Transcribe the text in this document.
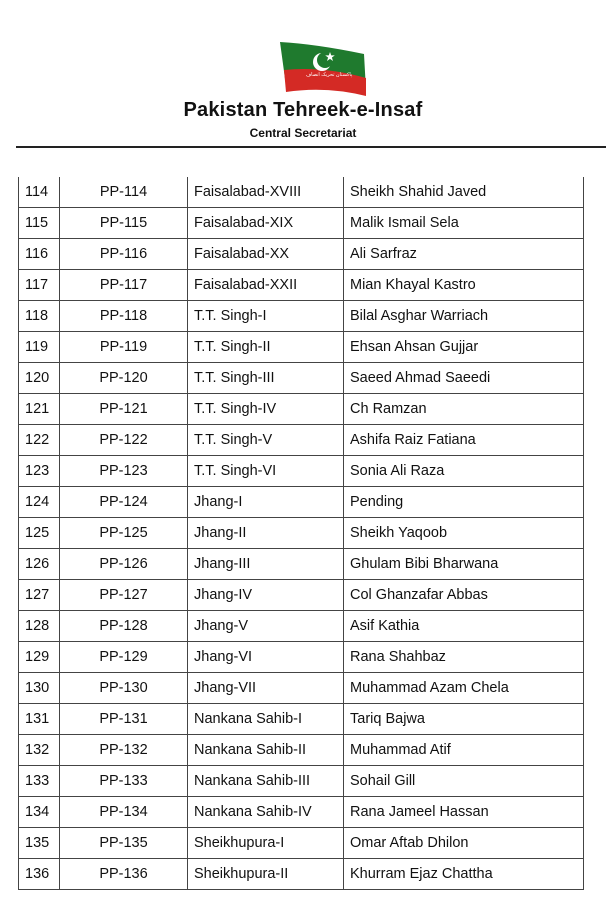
پاکستان تحریک انصاف
Pakistan Tehreek-e-Insaf
Central Secretariat
114	PP-114	Faisalabad-XVIII	Sheikh Shahid Javed
115	PP-115	Faisalabad-XIX	Malik Ismail Sela
116	PP-116	Faisalabad-XX	Ali Sarfraz
117	PP-117	Faisalabad-XXII	Mian Khayal Kastro
118	PP-118	T.T. Singh-I	Bilal Asghar Warriach
119	PP-119	T.T. Singh-II	Ehsan Ahsan Gujjar
120	PP-120	T.T. Singh-III	Saeed Ahmad Saeedi
121	PP-121	T.T. Singh-IV	Ch Ramzan
122	PP-122	T.T. Singh-V	Ashifa Raiz Fatiana
123	PP-123	T.T. Singh-VI	Sonia Ali Raza
124	PP-124	Jhang-I	Pending
125	PP-125	Jhang-II	Sheikh Yaqoob
126	PP-126	Jhang-III	Ghulam Bibi Bharwana
127	PP-127	Jhang-IV	Col Ghanzafar Abbas
128	PP-128	Jhang-V	Asif Kathia
129	PP-129	Jhang-VI	Rana Shahbaz
130	PP-130	Jhang-VII	Muhammad Azam Chela
131	PP-131	Nankana Sahib-I	Tariq Bajwa
132	PP-132	Nankana Sahib-II	Muhammad Atif
133	PP-133	Nankana Sahib-III	Sohail Gill
134	PP-134	Nankana Sahib-IV	Rana Jameel Hassan
135	PP-135	Sheikhupura-I	Omar Aftab Dhilon
136	PP-136	Sheikhupura-II	Khurram Ejaz Chattha
